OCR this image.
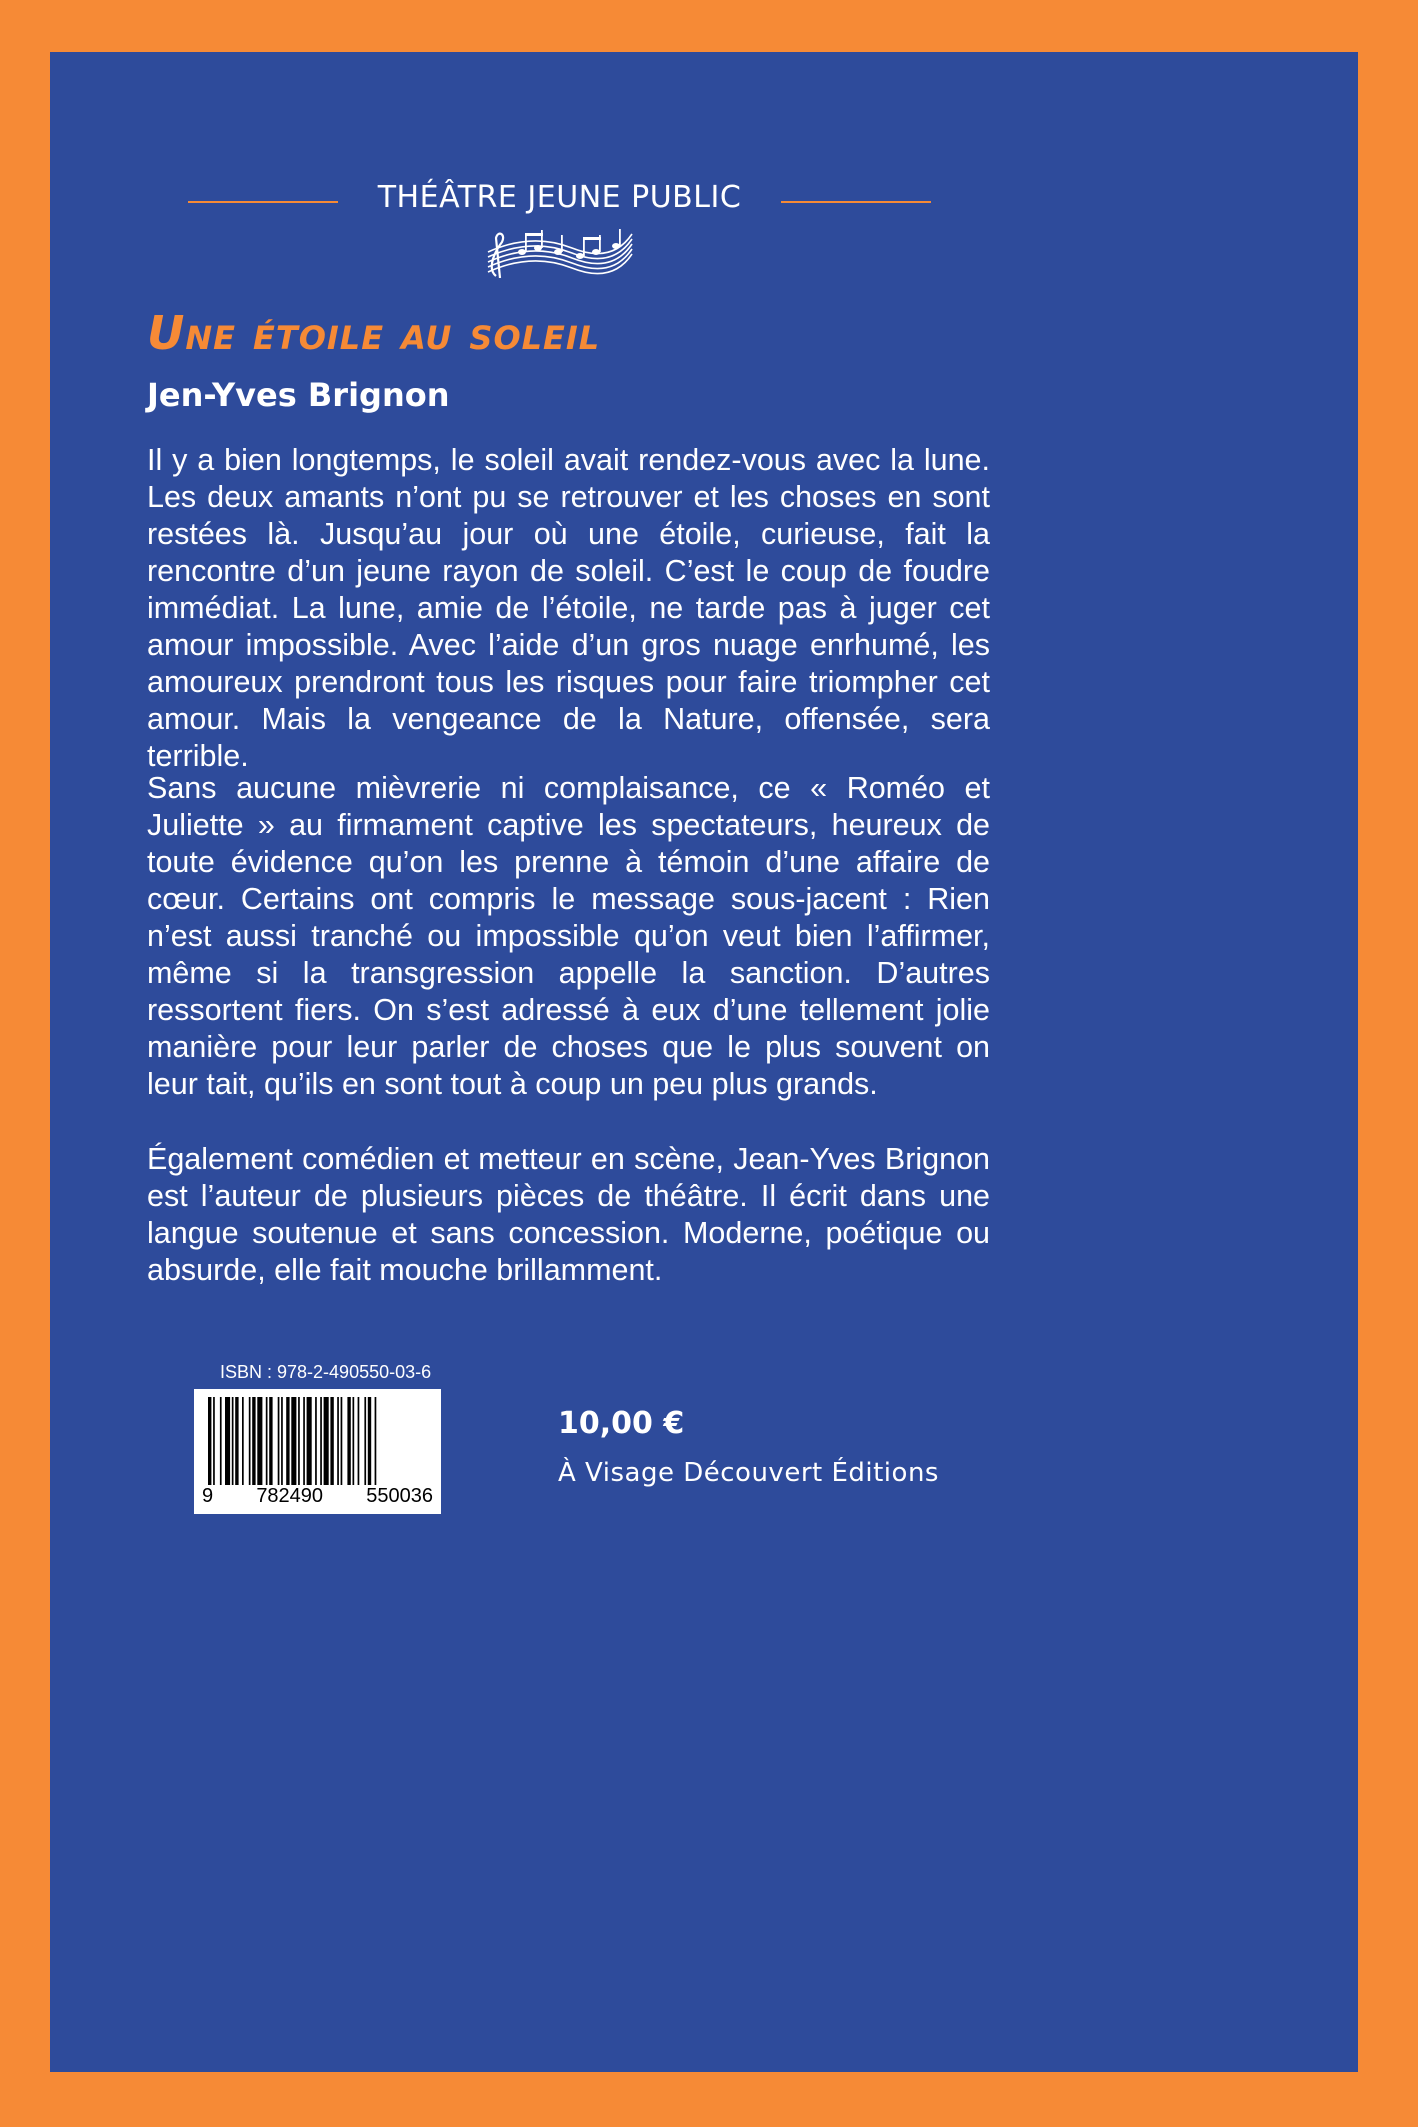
THÉÂTRE JEUNE PUBLIC
Une étoile au soleil
Jen-Yves Brignon

Il y a bien longtemps, le soleil avait rendez-vous avec la lune. Les deux amants n’ont pu se retrouver et les choses en sont restées là. Jusqu’au jour où une étoile, curieuse, fait la rencontre d’un jeune rayon de soleil. C’est le coup de foudre immédiat. La lune, amie de l’étoile, ne tarde pas à juger cet amour impossible. Avec l’aide d’un gros nuage enrhumé, les amoureux prendront tous les risques pour faire triompher cet amour. Mais la vengeance de la Nature, offensée, sera terrible.

Sans aucune mièvrerie ni complaisance, ce « Roméo et Juliette » au firmament captive les spectateurs, heureux de toute évidence qu’on les prenne à témoin d’une affaire de cœur. Certains ont compris le message sous-jacent : Rien n’est aussi tranché ou impossible qu’on veut bien l’affirmer, même si la transgression appelle la sanction. D’autres ressortent fiers. On s’est adressé à eux d’une tellement jolie manière pour leur parler de choses que le plus souvent on leur tait, qu’ils en sont tout à coup un peu plus grands.

Également comédien et metteur en scène, Jean-Yves Brignon est l’auteur de plusieurs pièces de théâtre. Il écrit dans une langue soutenue et sans concession. Moderne, poétique ou absurde, elle fait mouche brillamment.

ISBN : 978-2-490550-03-6
9 782490 550036
10,00 €
À Visage Découvert Éditions
